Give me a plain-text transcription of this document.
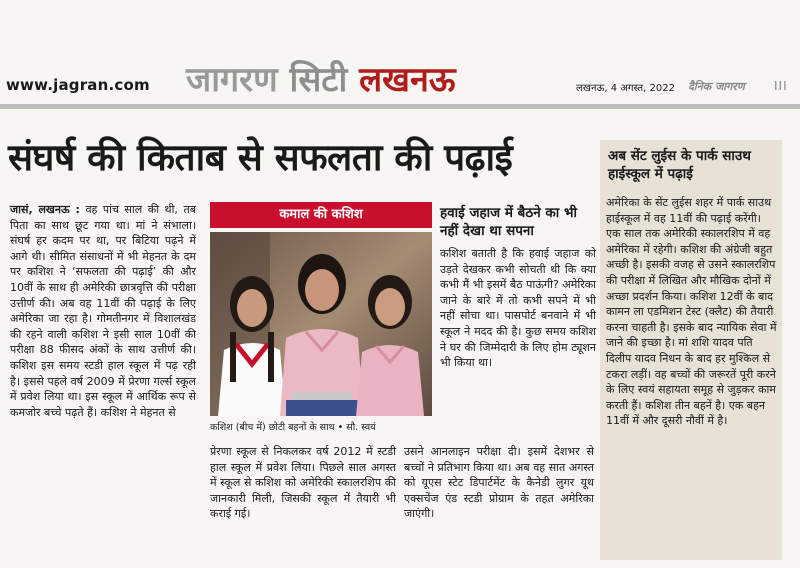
www.jagran.com जागरण सिटी लखनऊ	लखनऊ, 4 अगस्त, 2022 दैनिक जागरण III
संघर्ष की किताब से सफलता की पढ़ाई
जासं, लखनऊ : वह पांच साल की थी, तब पिता का साथ छूट गया था। मां ने संभाला। संघर्ष हर कदम पर था, पर बिटिया पढ़ने में आगे थी। सीमित संसाधनों में भी मेहनत के दम पर कशिश ने ‘सफलता की पढ़ाई’ की और 10वीं के साथ ही अमेरिकी छात्रवृत्ति की परीक्षा उत्तीर्ण की। अब वह 11वीं की पढ़ाई के लिए अमेरिका जा रहा है। गोमतीनगर में विशालखंड की रहने वाली कशिश ने इसी साल 10वीं की परीक्षा 88 फीसद अंकों के साथ उत्तीर्ण की। कशिश इस समय स्टडी हाल स्कूल में पढ़ रही है। इससे पहले वर्ष 2009 में प्रेरणा गर्ल्स स्कूल में प्रवेश लिया था। इस स्कूल में आर्थिक रूप से कमजोर बच्चे पढ़ते हैं। कशिश ने मेहनत से
कमाल की कशिश
कशिश (बीच में) छोटी बहनों के साथ • सौ. स्वयं
हवाई जहाज में बैठने का भी नहीं देखा था सपना
कशिश बताती है कि हवाई जहाज को उड़ते देखकर कभी सोचती थी कि क्या कभी मैं भी इसमें बैठ पाऊंगी? अमेरिका जाने के बारे में तो कभी सपने में भी नहीं सोचा था। पासपोर्ट बनवाने में भी स्कूल ने मदद की है। कुछ समय कशिश ने घर की जिम्मेदारी के लिए होम ट्यूशन भी किया था।
प्रेरणा स्कूल से निकलकर वर्ष 2012 में स्टडी हाल स्कूल में प्रवेश लिया। पिछले साल अगस्त में स्कूल से कशिश को अमेरिकी स्कालरशिप की जानकारी मिली, जिसकी स्कूल में तैयारी भी कराई गई।
उसने आनलाइन परीक्षा दी। इसमें देशभर से बच्चों ने प्रतिभाग किया था। अब वह सात अगस्त को यूएस स्टेट डिपार्टमेंट के कैनेडी लुगर यूथ एक्सचेंज एंड स्टडी प्रोग्राम के तहत अमेरिका जाएंगी।
अब सेंट लुईस के पार्क साउथ हाईस्कूल में पढ़ाई
अमेरिका के सेंट लुईस शहर में पार्क साउथ हाईस्कूल में वह 11वीं की पढ़ाई करेंगी। एक साल तक अमेरिकी स्कालरशिप में वह अमेरिका में रहेगी। कशिश की अंग्रेजी बहुत अच्छी है। इसकी वजह से उसने स्कालरशिप की परीक्षा में लिखित और मौखिक दोनों में अच्छा प्रदर्शन किया। कशिश 12वीं के बाद कामन ला एडमिशन टेस्ट (क्लैट) की तैयारी करना चाहती है। इसके बाद न्यायिक सेवा में जाने की इच्छा है। मां शशि यादव पति दिलीप यादव निधन के बाद हर मुश्किल से टकरा लड़ीं। वह बच्चों की जरूरतें पूरी करने के लिए स्वयं सहायता समूह से जुड़कर काम करती हैं। कशिश तीन बहनें है। एक बहन 11वीं में और दूसरी नौवीं में है।
